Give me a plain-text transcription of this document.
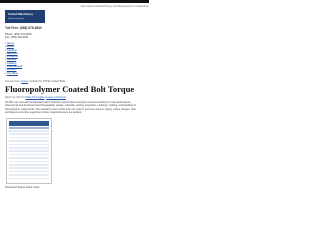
http://www.unitedmachinery.com/fluoropolymer-coated-bolt
United Machinery
Bolting Equipment
Toll Free: (866) 578-9840
Phone: (253) 234-0000
Fax: (253) 234-0001
• Home
• About
• Catalog
• Services
• Products
• Rentals
• Catalog
• International
• Contact
• Our Blog
You are here: Home / Articles for PTFE Coated Bolts
Fluoropolymer Coated Bolt Torque
March 19, 2013 by Haley Pennington | Leave a Comment
ASTM is an International Standard which specifies requirements and gives recommendations for the performance, dimensional and functional interchangeability, design, materials, testing, inspection, cleaning, marking, and handling of fluoropolymer coated bolts. The standard covers studs and nuts used in pressure vessels, piping, valves, flanges, heat exchangers and other equipment where coated fasteners are applied.
Download Torque Value Chart
